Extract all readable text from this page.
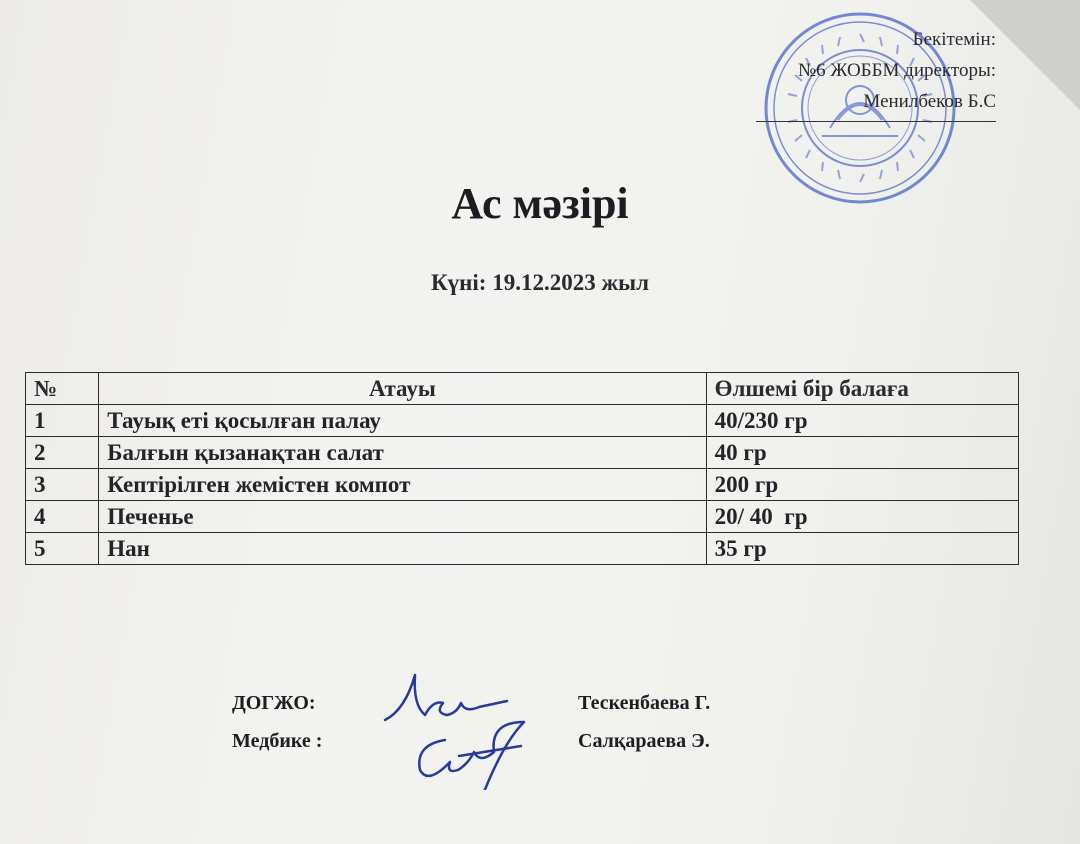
Бекітемін:
№6 ЖОББМ директоры:
Менилбеков Б.С
Ас мәзірі
Күні: 19.12.2023 жыл
№	Атауы	Өлшемі бір балаға
1	Тауық еті қосылған палау	40/230 гр
2	Балғын қызанақтан салат	40 гр
3	Кептірілген жемістен компот	200 гр
4	Печенье	20/ 40  гр
5	Нан	35 гр
ДОГЖО:
Медбике :
Тескенбаева Г.
Салқараева Э.
